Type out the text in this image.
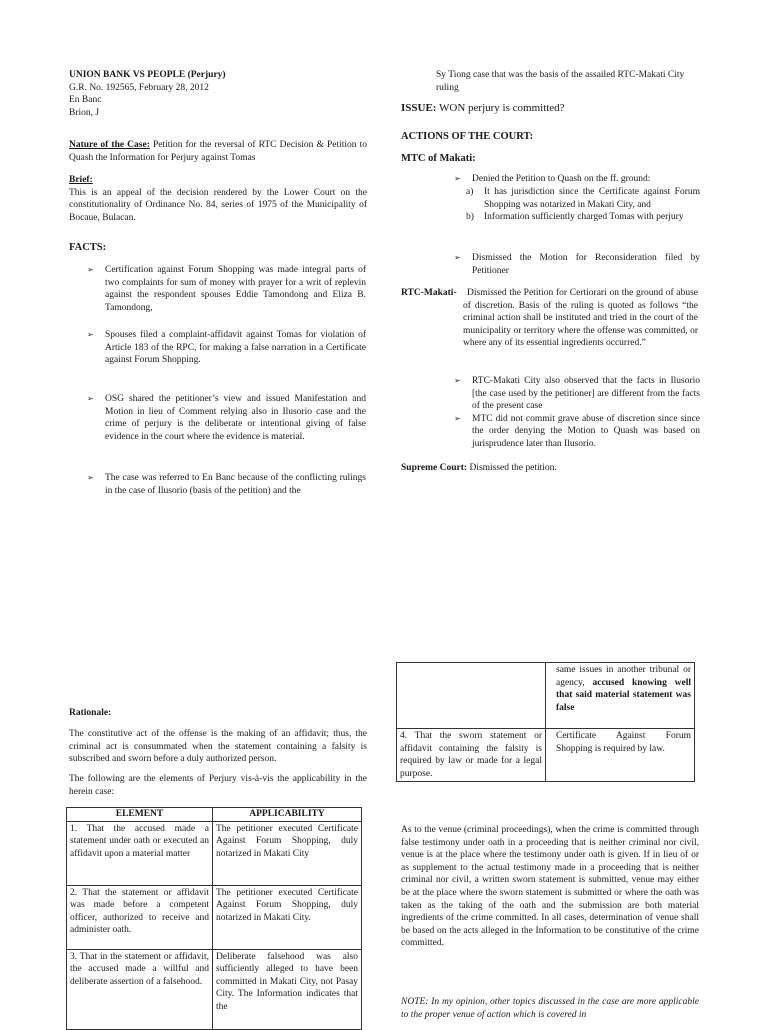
UNION BANK VS PEOPLE (Perjury)

G.R. No. 192565, February 28, 2012

En Banc

Brion, J

Nature of the Case: Petition for the reversal of RTC Decision & Petition to Quash the Information for Perjury against Tomas

Brief:

This is an appeal of the decision rendered by the Lower Court on the constitutionality of Ordinance No. 84, series of 1975 of the Municipality of Bocaue, Bulacan.

FACTS:

➢ Certification against Forum Shopping was made integral parts of two complaints for sum of money with prayer for a writ of replevin against the respondent spouses Eddie Tamondong and Eliza B. Tamondong,
➢ Spouses filed a complaint-affidavit against Tomas for violation of Article 183 of the RPC, for making a false narration in a Certificate against Forum Shopping.
➢ OSG shared the petitioner’s view and issued Manifestation and Motion in lieu of Comment relying also in Ilusorio case and the crime of perjury is the deliberate or intentional giving of false evidence in the court where the evidence is material.
➢ The case was referred to En Banc because of the conflicting rulings in the case of Ilusorio (basis of the petition) and the

Sy Tiong case that was the basis of the assailed RTC-Makati City ruling

ISSUE: WON perjury is committed?

ACTIONS OF THE COURT:

MTC of Makati:

➢ Denied the Petition to Quash on the ff. ground:
a) It has jurisdiction since the Certificate against Forum Shopping was notarized in Makati City, and
b) Information sufficiently charged Tomas with perjury
➢ Dismissed the Motion for Reconsideration filed by Petitioner

RTC-Makati-	Dismissed the Petition for Certiorari on the ground of abuse of discretion. Basis of the ruling is quoted as follows “the criminal action shall be instituted and tried in the court of the municipality or territory where the offense was committed, or where any of its essential ingredients occurred.”

➢ RTC-Makati City also observed that the facts in Ilusorio [the case used by the petitioner] are different from the facts of the present case
➢ MTC did not commit grave abuse of discretion since since the order denying the Motion to Quash was based on jurisprudence later than Ilusorio.

Supreme Court: Dismissed the petition.

Rationale:

The constitutive act of the offense is the making of an affidavit; thus, the criminal act is consummated when the statement containing a falsity is subscribed and sworn before a duly authorized person.

The following are the elements of Perjury vis-à-vis the applicability in the herein case:

ELEMENT	APPLICABILITY
1. That the accused made a statement under oath or executed an affidavit upon a material matter	The petitioner executed Certificate Against Forum Shopping, duly notarized in Makati City
2. That the statement or affidavit was made before a competent officer, authorized to receive and administer oath.	The petitioner executed Certificate Against Forum Shopping, duly notarized in Makati City.
3. That in the statement or affidavit, the accused made a willful and deliberate assertion of a falsehood.	Deliberate falsehood was also sufficiently alleged to have been committed in Makati City, not Pasay City. The Information indicates that the
	same issues in another tribunal or agency, accused knowing well that said material statement was false
4. That the sworn statement or affidavit containing the falsity is required by law or made for a legal purpose.	Certificate Against Forum Shopping is required by law.

As to the venue (criminal proceedings), when the crime is committed through false testimony under oath in a proceeding that is neither criminal nor civil, venue is at the place where the testimony under oath is given. If in lieu of or as supplement to the actual testimony made in a proceeding that is neither criminal nor civil, a written sworn statement is submitted, venue may either be at the place where the sworn statement is submitted or where the oath was taken as the taking of the oath and the submission are both material ingredients of the crime committed. In all cases, determination of venue shall be based on the acts alleged in the Information to be constitutive of the crime committed.

NOTE: In my opinion, other topics discussed in the case are more applicable to the proper venue of action which is covered in
